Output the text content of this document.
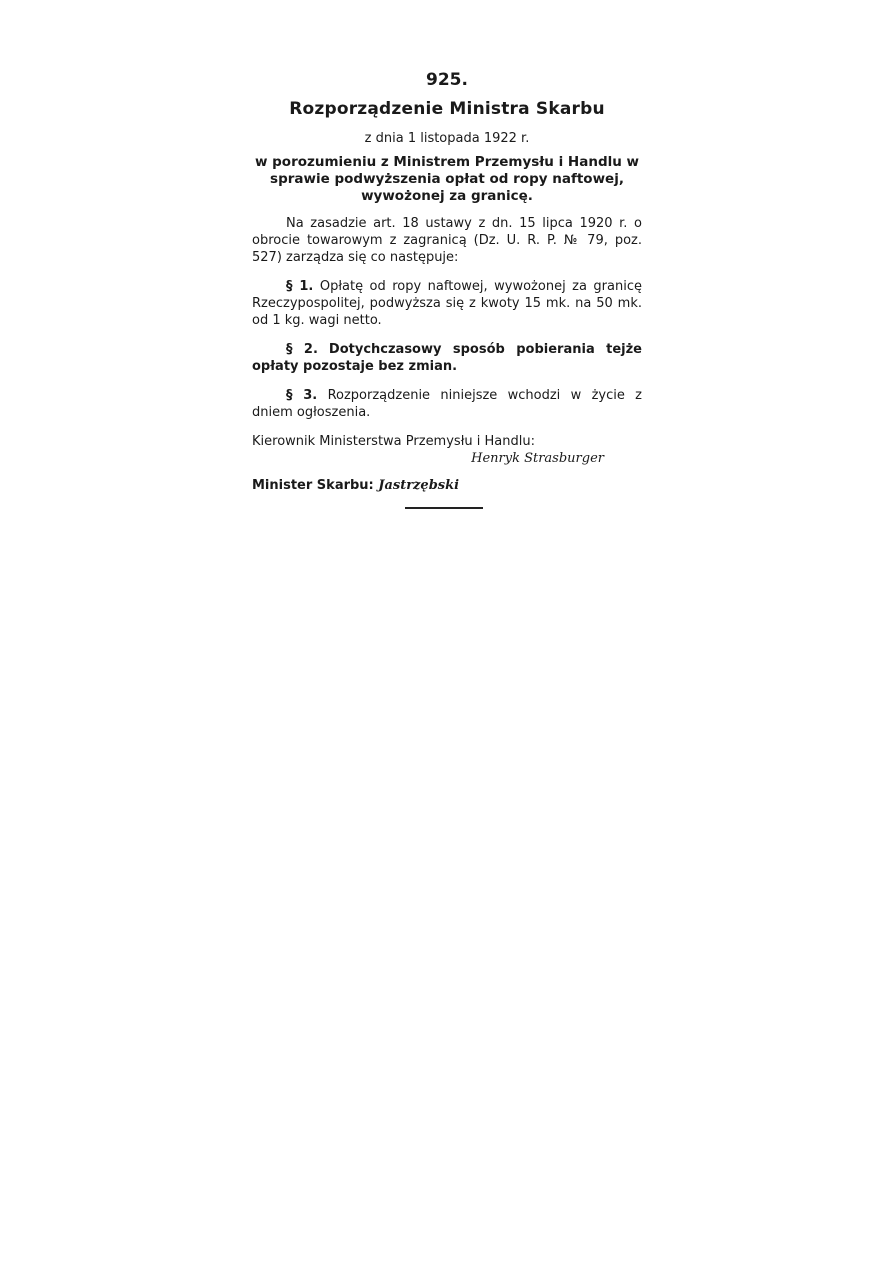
925.
Rozporządzenie Ministra Skarbu
z dnia 1 listopada 1922 r.
w porozumieniu z Ministrem Przemysłu i Handlu w sprawie podwyższenia opłat od ropy naftowej, wywożonej za granicę.

Na zasadzie art. 18 ustawy z dn. 15 lipca 1920 r. o obrocie towarowym z zagranicą (Dz. U. R. P. № 79, poz. 527) zarządza się co następuje:

§ 1. Opłatę od ropy naftowej, wywożonej za granicę Rzeczypospolitej, podwyższa się z kwoty 15 mk. na 50 mk. od 1 kg. wagi netto.

§ 2. Dotychczasowy sposób pobierania tejże opłaty pozostaje bez zmian.

§ 3. Rozporządzenie niniejsze wchodzi w życie z dniem ogłoszenia.

Kierownik Ministerstwa Przemysłu i Handlu:

Henryk Strasburger

Minister Skarbu: Jastrzębski
